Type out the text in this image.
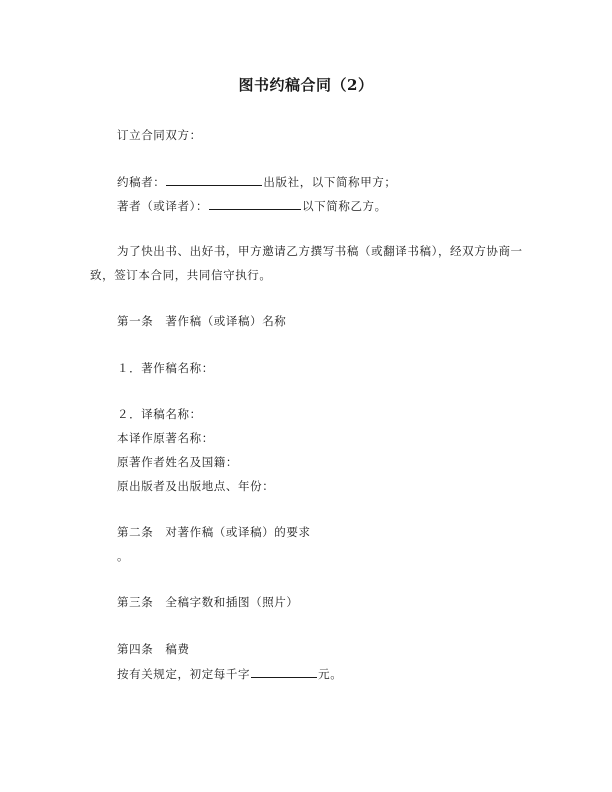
图书约稿合同（2）
订立合同双方：
约稿者：	出版社，以下简称甲方；
著者（或译者）：	以下简称乙方。
为了快出书、出好书，甲方邀请乙方撰写书稿（或翻译书稿），经双方协商一
致，签订本合同，共同信守执行。
第一条　著作稿（或译稿）名称
１．著作稿名称：
２．译稿名称：
本译作原著名称：
原著作者姓名及国籍：
原出版者及出版地点、年份：
第二条　对著作稿（或译稿）的要求
。
第三条　全稿字数和插图（照片）
第四条　稿费
按有关规定，初定每千字	元。
